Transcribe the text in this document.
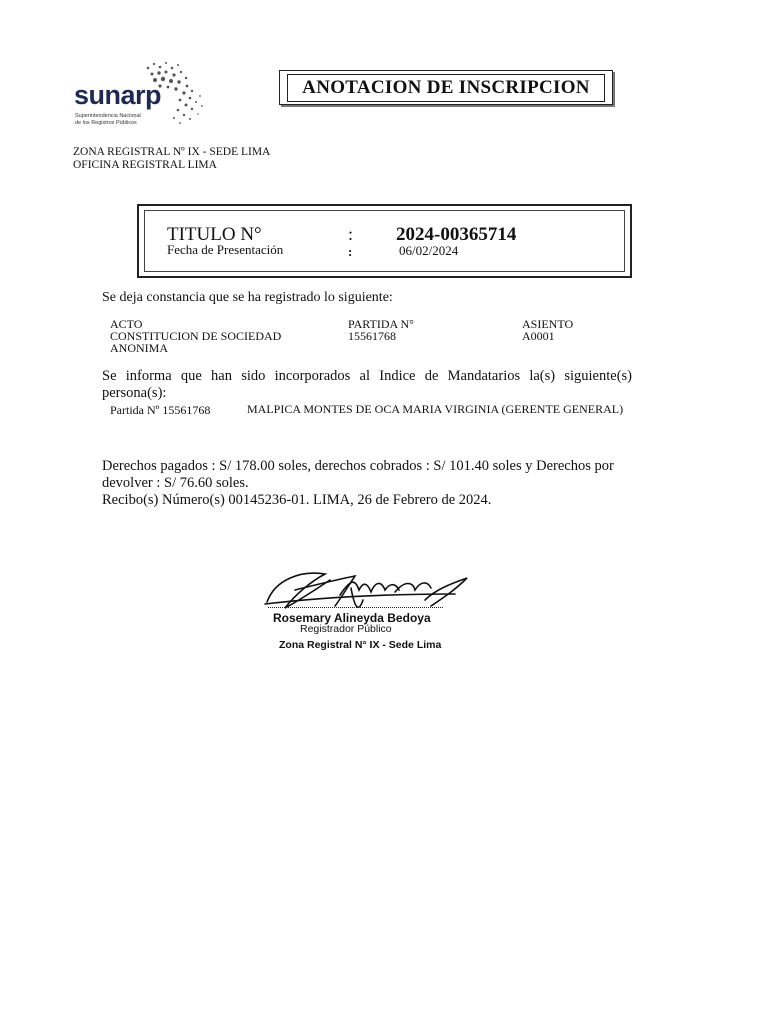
sunarp
Superintendencia Nacional
de los Registros Públicos
ANOTACION DE INSCRIPCION
ZONA REGISTRAL Nº IX - SEDE LIMA
OFICINA REGISTRAL LIMA
TITULO N°
Fecha de Presentación
:
:
2024-00365714
06/02/2024
Se deja constancia que se ha registrado lo siguiente:
ACTO
CONSTITUCION DE SOCIEDAD
ANONIMA
PARTIDA N°
15561768
ASIENTO
A0001
Se informa que han sido incorporados al Indice de Mandatarios la(s) siguiente(s) persona(s):
Partida Nº 15561768	MALPICA MONTES DE OCA MARIA VIRGINIA (GERENTE GENERAL)
Derechos pagados : S/ 178.00 soles, derechos cobrados : S/ 101.40 soles y Derechos por devolver : S/ 76.60 soles.
Recibo(s) Número(s) 00145236-01. LIMA, 26 de Febrero de 2024.
Rosemary Alineyda Bedoya
Registrador Público
Zona Registral N° IX - Sede Lima
